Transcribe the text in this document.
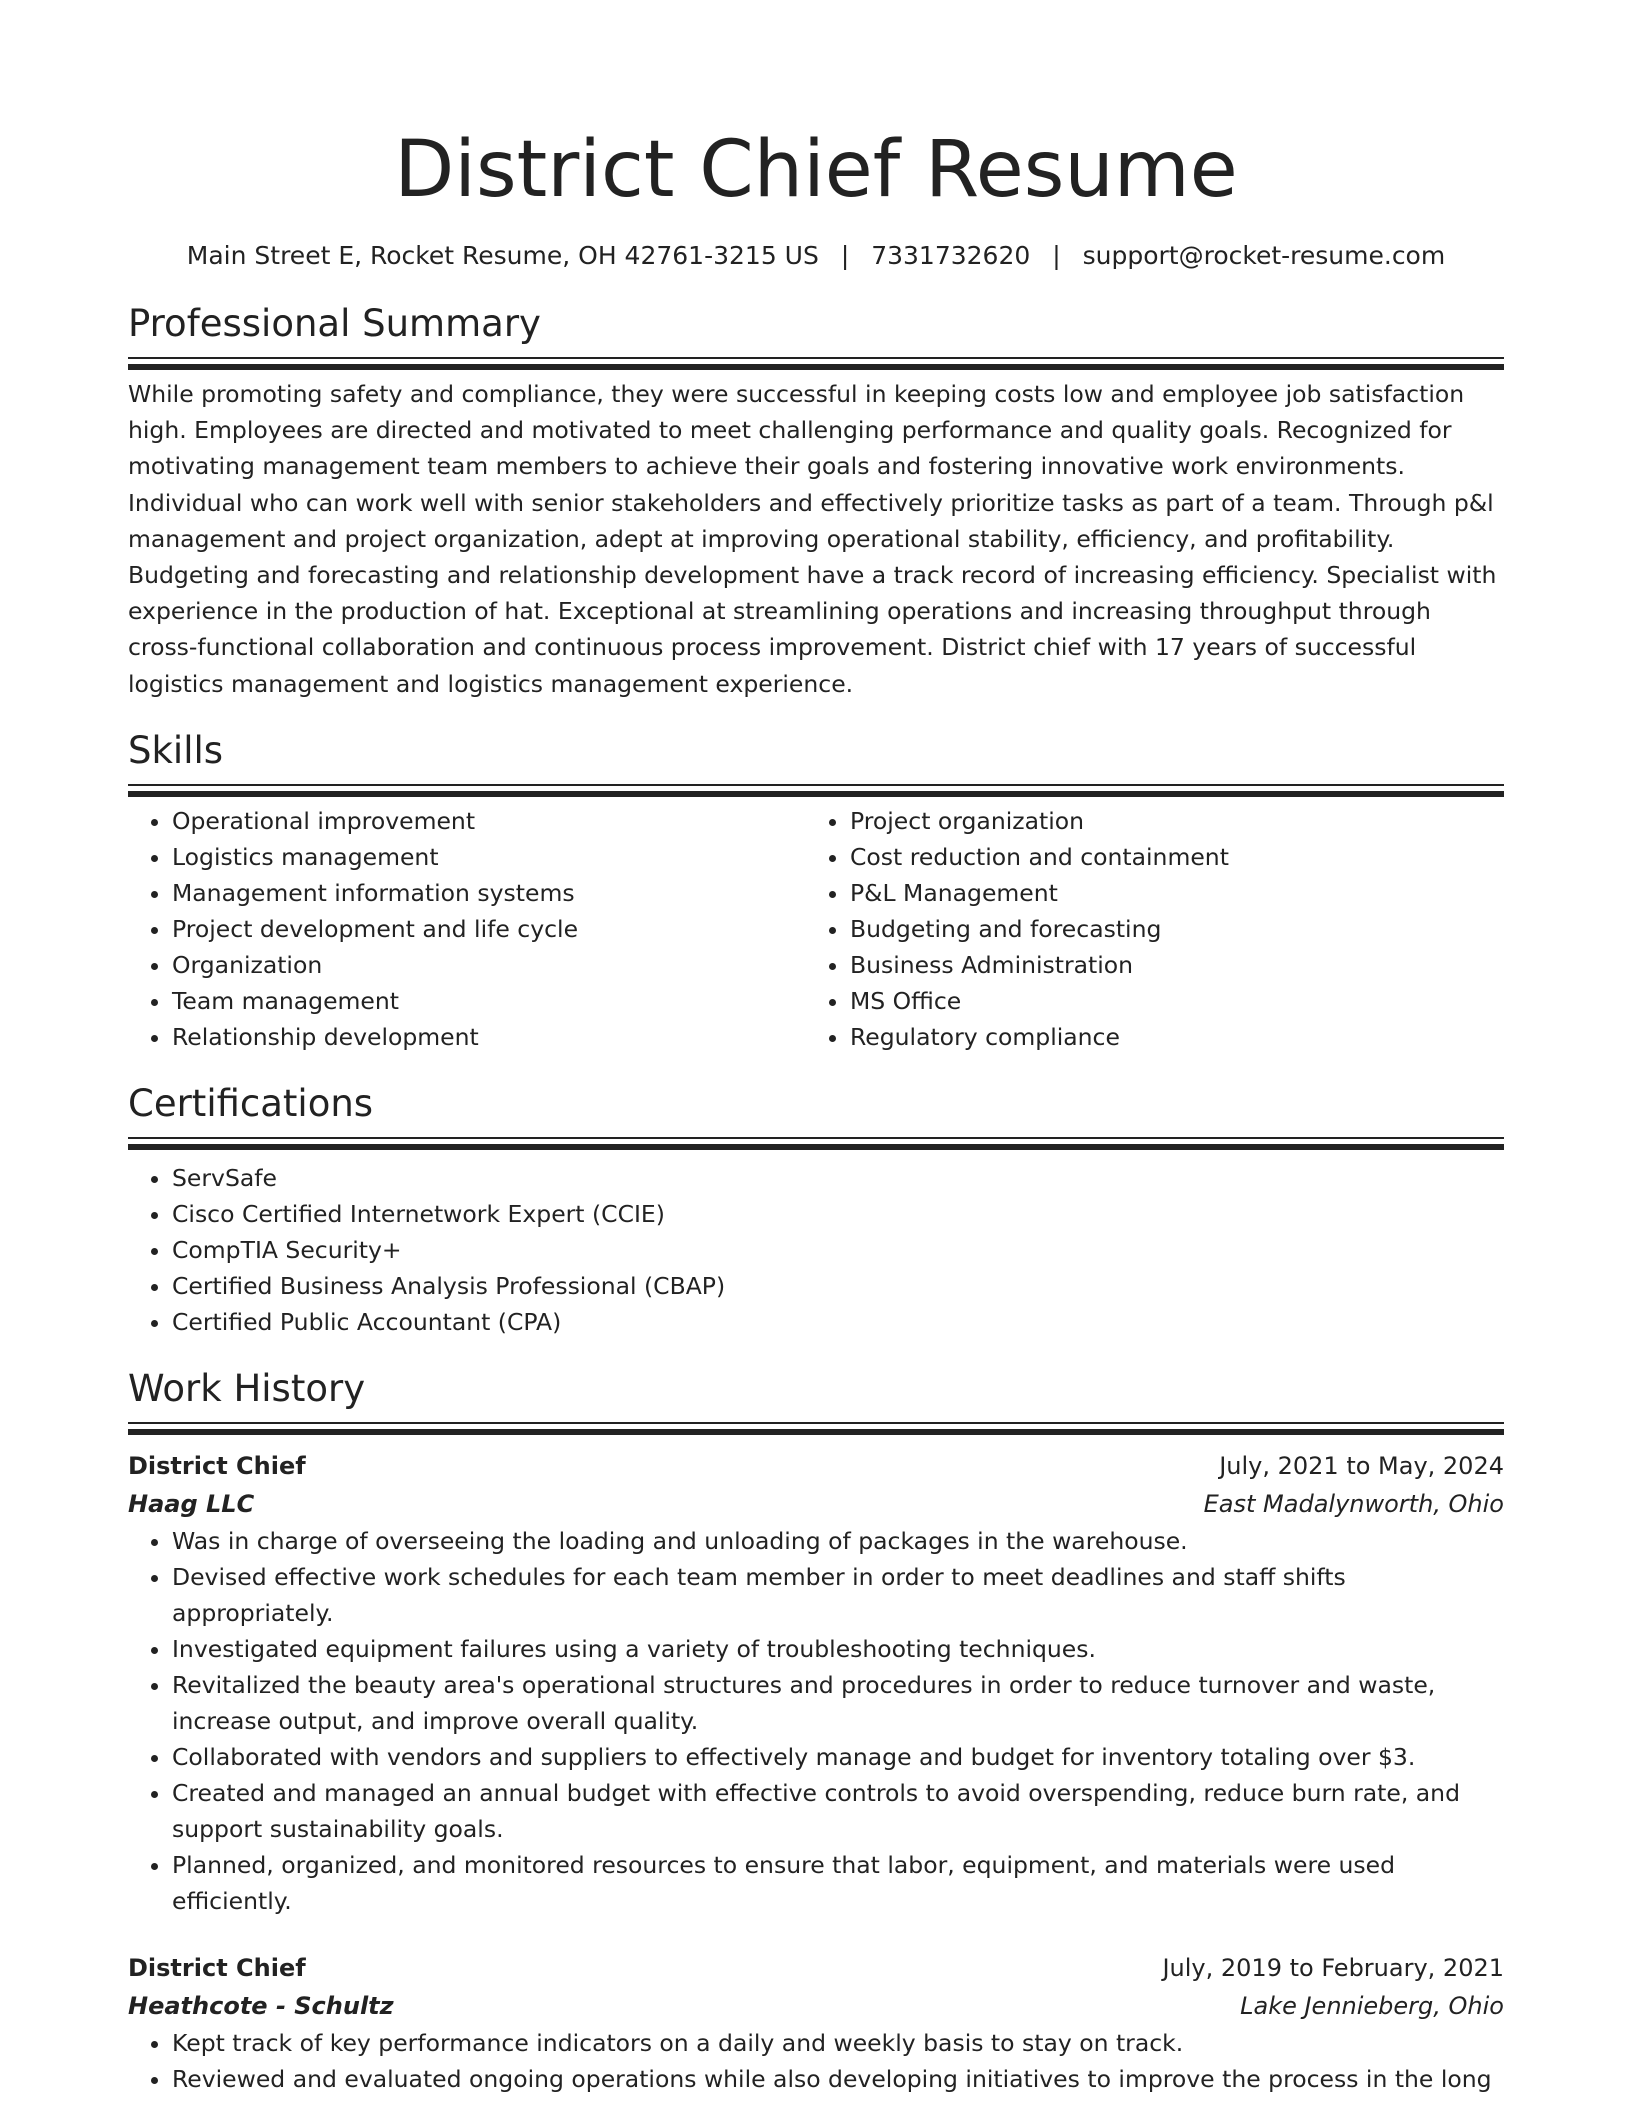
District Chief Resume
Main Street E, Rocket Resume, OH 42761-3215 US | 7331732620 | support@rocket-resume.com
Professional Summary

While promoting safety and compliance, they were successful in keeping costs low and employee job satisfaction high. Employees are directed and motivated to meet challenging performance and quality goals. Recognized for motivating management team members to achieve their goals and fostering innovative work environments. Individual who can work well with senior stakeholders and effectively prioritize tasks as part of a team. Through p&l management and project organization, adept at improving operational stability, efficiency, and profitability. Budgeting and forecasting and relationship development have a track record of increasing efficiency. Specialist with experience in the production of hat. Exceptional at streamlining operations and increasing throughput through cross-functional collaboration and continuous process improvement. District chief with 17 years of successful logistics management and logistics management experience.

Skills
• Operational improvement
• Logistics management
• Management information systems
• Project development and life cycle
• Organization
• Team management
• Relationship development
• Project organization
• Cost reduction and containment
• P&L Management
• Budgeting and forecasting
• Business Administration
• MS Office
• Regulatory compliance
Certifications
• ServSafe
• Cisco Certified Internetwork Expert (CCIE)
• CompTIA Security+
• Certified Business Analysis Professional (CBAP)
• Certified Public Accountant (CPA)
Work History
District Chief	July, 2021 to May, 2024
Haag LLC	East Madalynworth, Ohio
• Was in charge of overseeing the loading and unloading of packages in the warehouse.
• Devised effective work schedules for each team member in order to meet deadlines and staff shifts appropriately.
• Investigated equipment failures using a variety of troubleshooting techniques.
• Revitalized the beauty area's operational structures and procedures in order to reduce turnover and waste, increase output, and improve overall quality.
• Collaborated with vendors and suppliers to effectively manage and budget for inventory totaling over $3.
• Created and managed an annual budget with effective controls to avoid overspending, reduce burn rate, and support sustainability goals.
• Planned, organized, and monitored resources to ensure that labor, equipment, and materials were used efficiently.
District Chief	July, 2019 to February, 2021
Heathcote - Schultz	Lake Jennieberg, Ohio
• Kept track of key performance indicators on a daily and weekly basis to stay on track.
• Reviewed and evaluated ongoing operations while also developing initiatives to improve the process in the long
